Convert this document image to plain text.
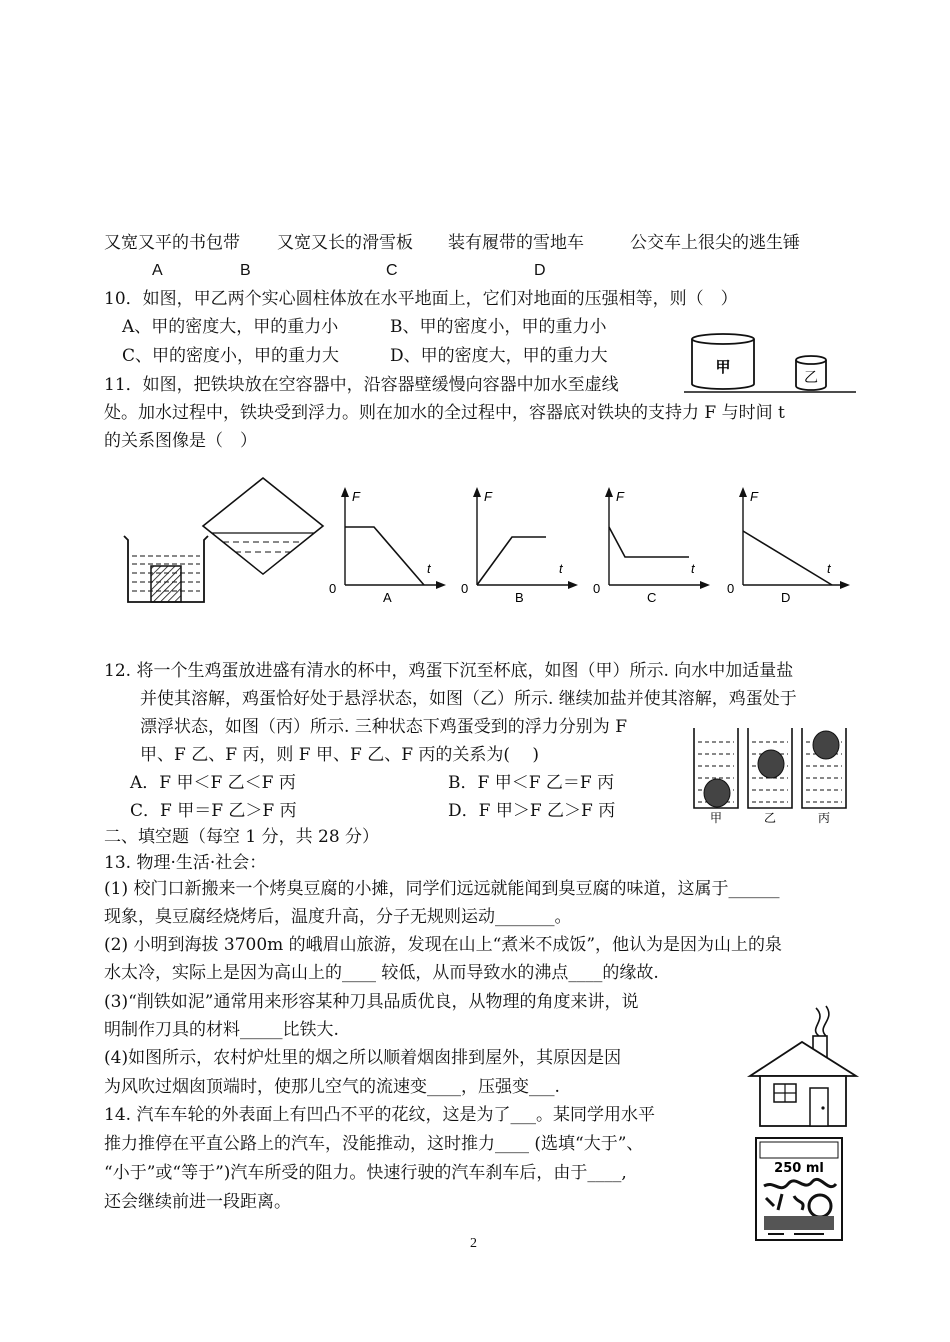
又宽又平的书包带 又宽又长的滑雪板 装有履带的雪地车	公交车上很尖的逃生锤
A	B	C	D
10．如图，甲乙两个实心圆柱体放在水平地面上，它们对地面的压强相等，则（　）
A、甲的密度大，甲的重力小	B、甲的密度小，甲的重力小
C、甲的密度小，甲的重力大	D、甲的密度大，甲的重力大
甲
乙
11．如图，把铁块放在空容器中，沿容器壁缓慢向容器中加水至虚线
处。加水过程中，铁块受到浮力。则在加水的全过程中，容器底对铁块的支持力 F 与时间 t
的关系图像是（　）
F
t
0
A
F
t
0
B
F
t
0
C
F
t
0
D
12. 将一个生鸡蛋放进盛有清水的杯中，鸡蛋下沉至杯底，如图（甲）所示. 向水中加适量盐
并使其溶解，鸡蛋恰好处于悬浮状态，如图（乙）所示. 继续加盐并使其溶解，鸡蛋处于
漂浮状态，如图（丙）所示. 三种状态下鸡蛋受到的浮力分别为 F
甲、F 乙、F 丙，则 F 甲、F 乙、F 丙的关系为(　 )
A．F 甲＜F 乙＜F 丙	B．F 甲＜F 乙＝F 丙
C．F 甲＝F 乙＞F 丙	D．F 甲＞F 乙＞F 丙	甲	乙	丙
二、填空题（每空 1 分，共 28 分）
13. 物理·生活·社会：
(1) 校门口新搬来一个烤臭豆腐的小摊，同学们远远就能闻到臭豆腐的味道，这属于______
现象，臭豆腐经烧烤后，温度升高，分子无规则运动_______。
(2) 小明到海拔 3700m 的峨眉山旅游，发现在山上“煮米不成饭”，他认为是因为山上的泉
水太冷，实际上是因为高山上的____ 较低，从而导致水的沸点____的缘故.
(3)“削铁如泥”通常用来形容某种刀具品质优良，从物理的角度来讲，说
明制作刀具的材料_____比铁大.
(4)如图所示，农村炉灶里的烟之所以顺着烟囱排到屋外，其原因是因
为风吹过烟囱顶端时，使那儿空气的流速变____，压强变___.
14. 汽车车轮的外表面上有凹凸不平的花纹，这是为了___。某同学用水平
推力推停在平直公路上的汽车，没能推动，这时推力____ (选填“大于”、
“小于”或“等于”)汽车所受的阻力。快速行驶的汽车刹车后，由于____,
还会继续前进一段距离。
250 ml
2
